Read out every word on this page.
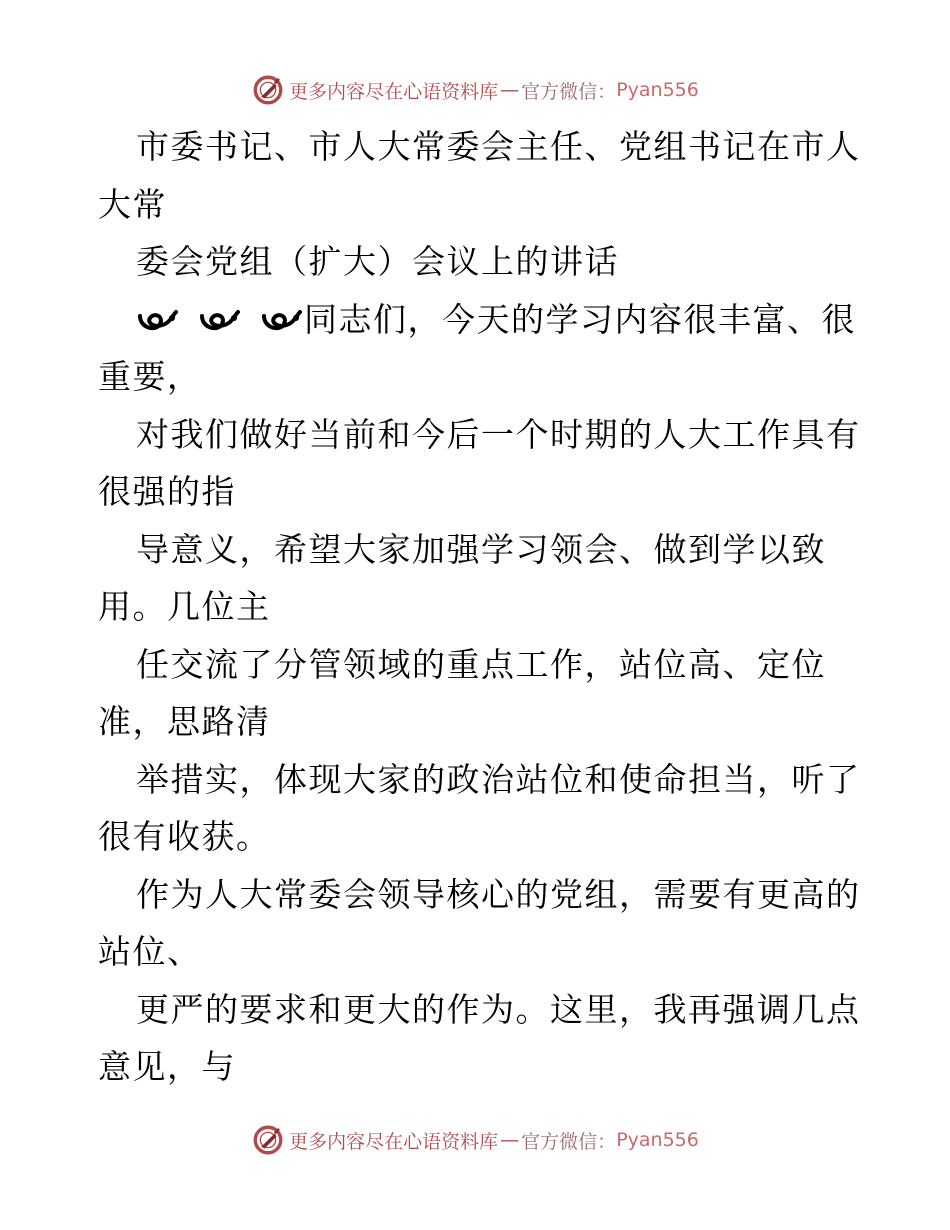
更多内容尽在心语资料库 — 官方微信： Pyan556
市委书记、市人大常委会主任、党组书记在市人
大常
委会党组（扩大）会议上的讲话
同志们，今天的学习内容很丰富、很
重要，
对我们做好当前和今后一个时期的人大工作具有
很强的指
导意义，希望大家加强学习领会、做到学以致
用。几位主
任交流了分管领域的重点工作，站位高、定位
准，思路清
举措实，体现大家的政治站位和使命担当，听了
很有收获。
作为人大常委会领导核心的党组，需要有更高的
站位、
更严的要求和更大的作为。这里，我再强调几点
意见，与
更多内容尽在心语资料库 — 官方微信： Pyan556
